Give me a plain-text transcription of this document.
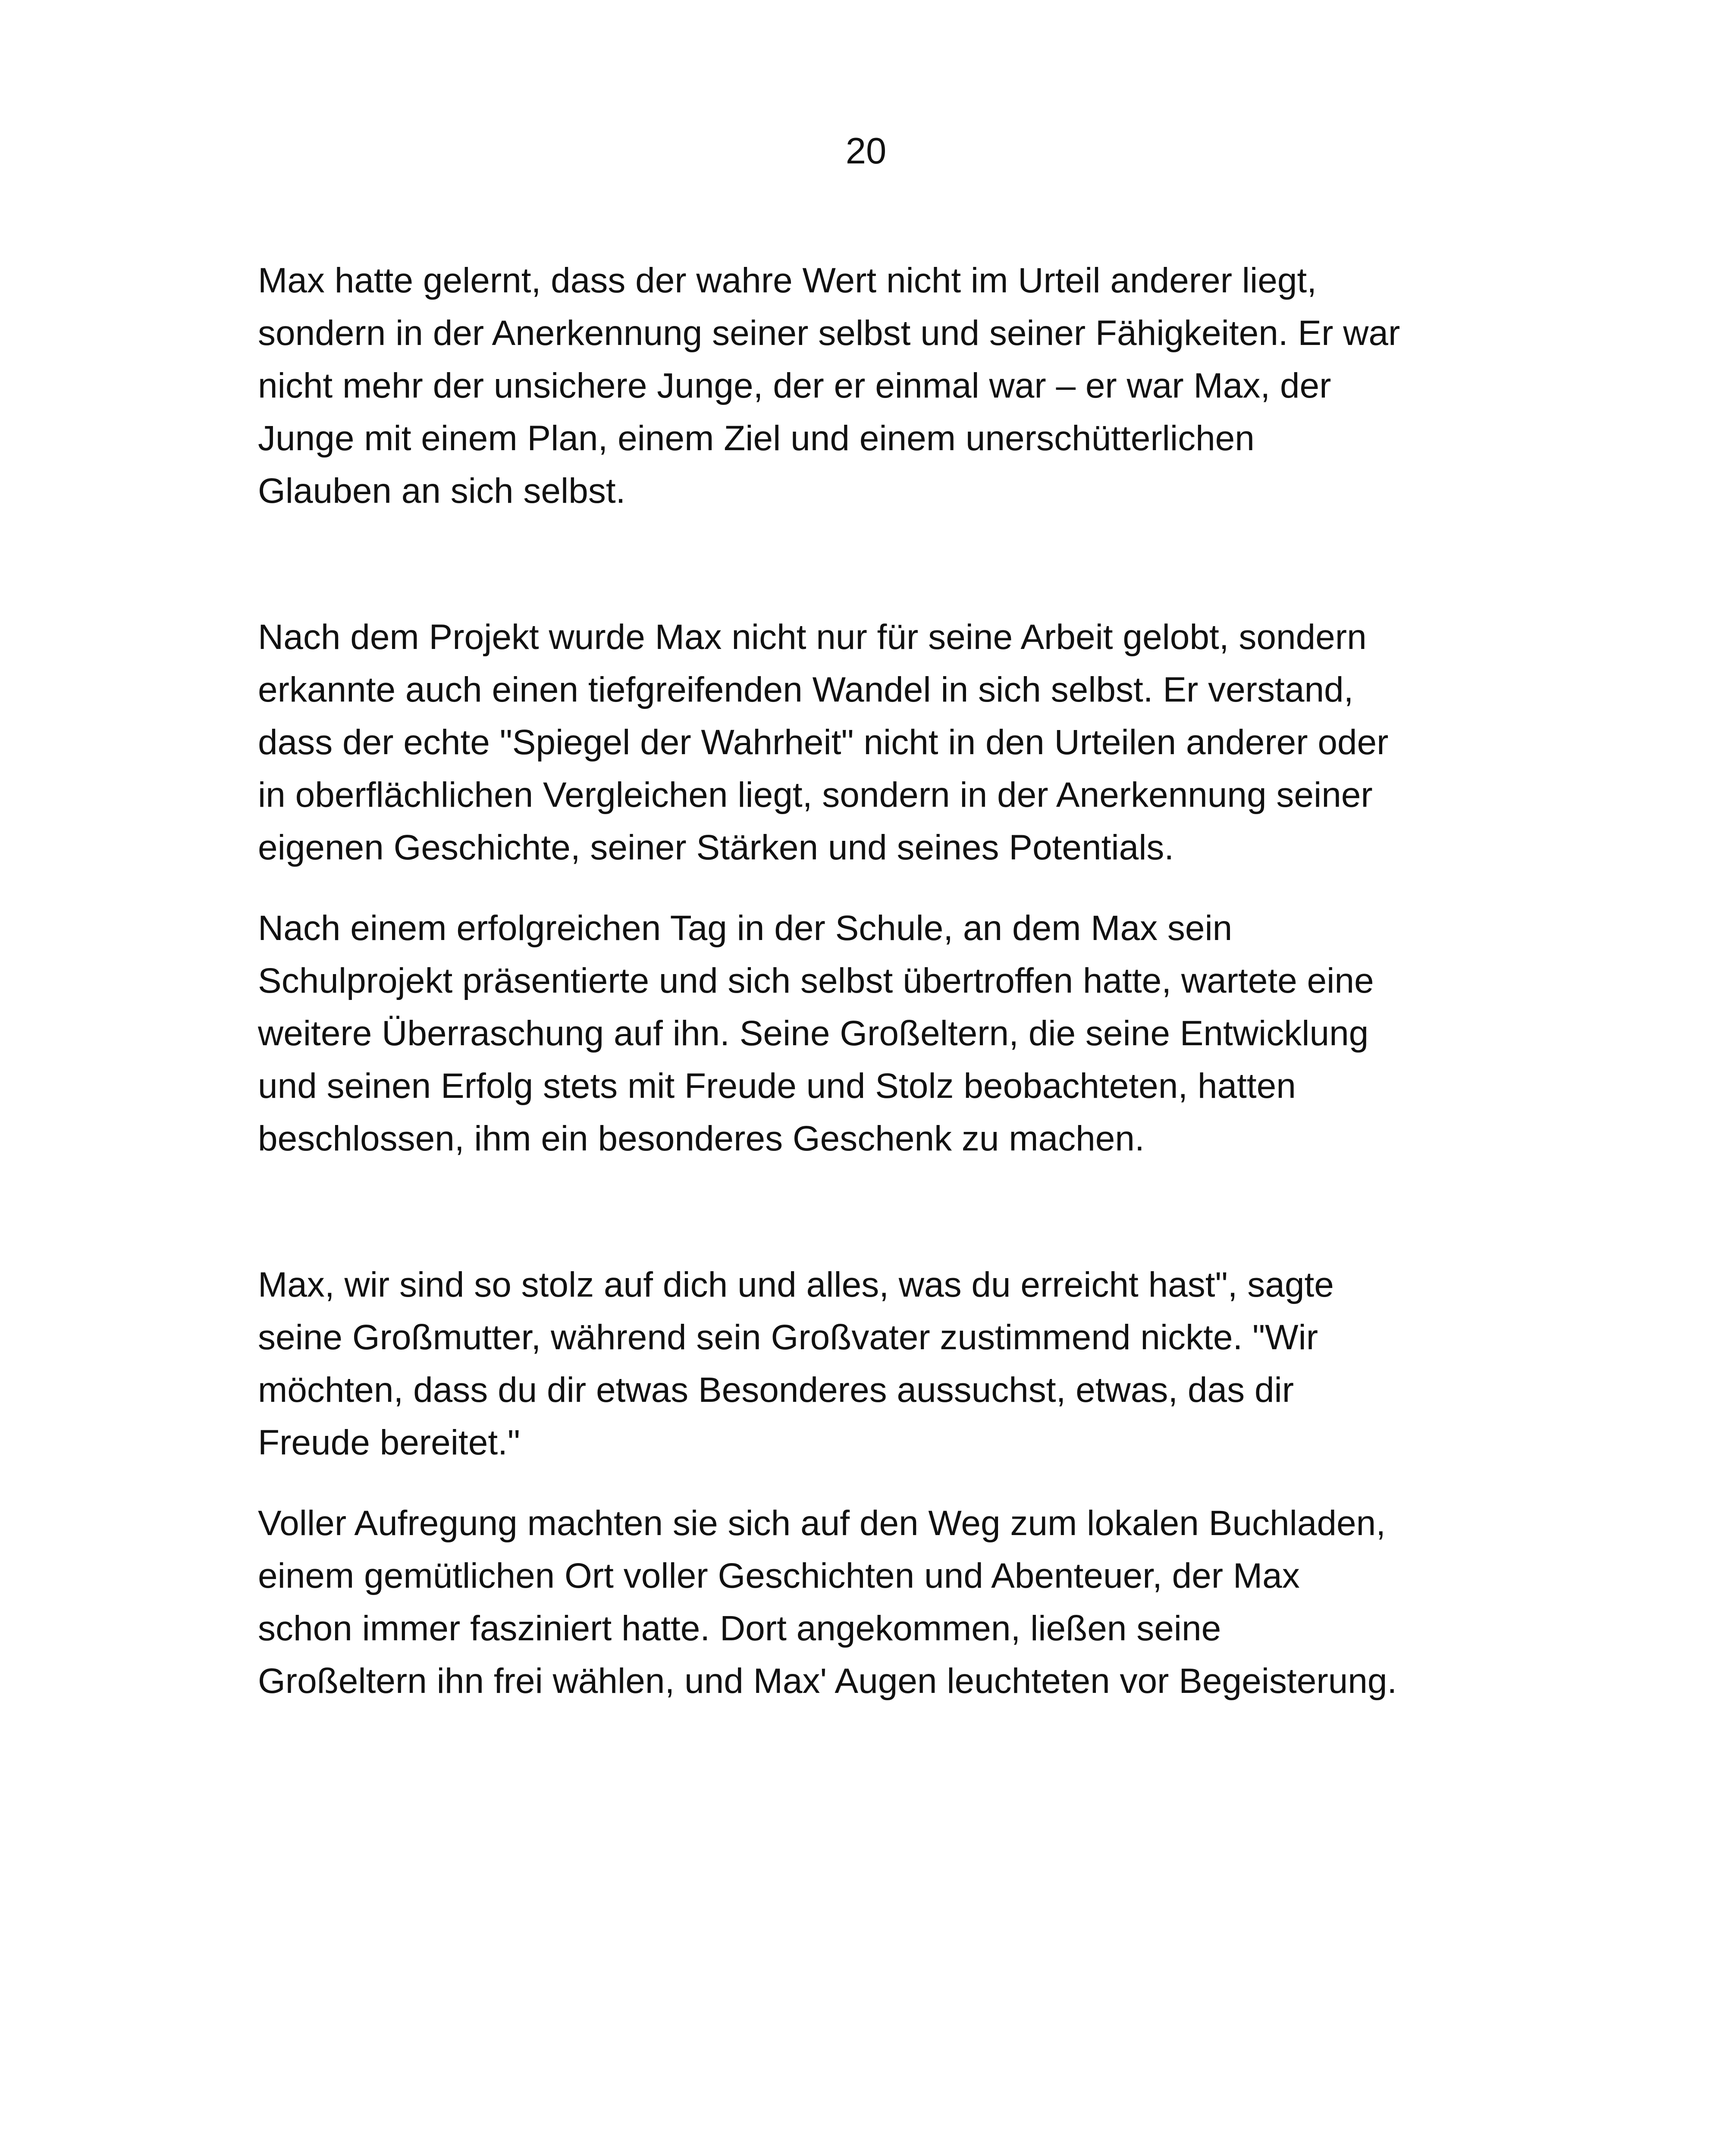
20

Max hatte gelernt, dass der wahre Wert nicht im Urteil anderer liegt,
sondern in der Anerkennung seiner selbst und seiner Fähigkeiten. Er war
nicht mehr der unsichere Junge, der er einmal war – er war Max, der
Junge mit einem Plan, einem Ziel und einem unerschütterlichen
Glauben an sich selbst.

Nach dem Projekt wurde Max nicht nur für seine Arbeit gelobt, sondern
erkannte auch einen tiefgreifenden Wandel in sich selbst. Er verstand,
dass der echte "Spiegel der Wahrheit" nicht in den Urteilen anderer oder
in oberflächlichen Vergleichen liegt, sondern in der Anerkennung seiner
eigenen Geschichte, seiner Stärken und seines Potentials.

Nach einem erfolgreichen Tag in der Schule, an dem Max sein
Schulprojekt präsentierte und sich selbst übertroffen hatte, wartete eine
weitere Überraschung auf ihn. Seine Großeltern, die seine Entwicklung
und seinen Erfolg stets mit Freude und Stolz beobachteten, hatten
beschlossen, ihm ein besonderes Geschenk zu machen.

Max, wir sind so stolz auf dich und alles, was du erreicht hast", sagte
seine Großmutter, während sein Großvater zustimmend nickte. "Wir
möchten, dass du dir etwas Besonderes aussuchst, etwas, das dir
Freude bereitet."

Voller Aufregung machten sie sich auf den Weg zum lokalen Buchladen,
einem gemütlichen Ort voller Geschichten und Abenteuer, der Max
schon immer fasziniert hatte. Dort angekommen, ließen seine
Großeltern ihn frei wählen, und Max' Augen leuchteten vor Begeisterung.
